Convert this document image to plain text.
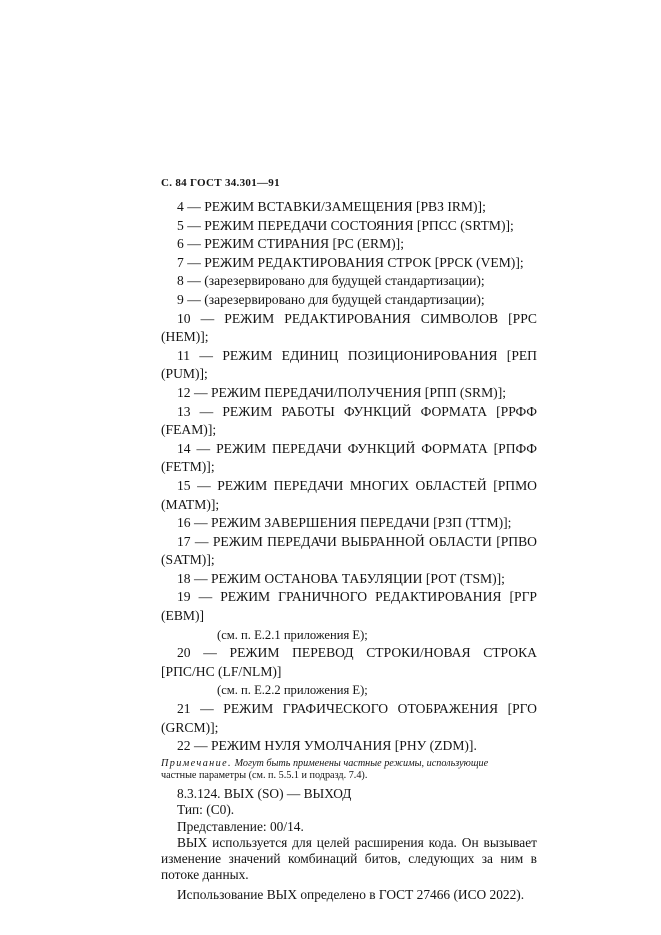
С. 84 ГОСТ 34.301—91
4 — РЕЖИМ ВСТАВКИ/ЗАМЕЩЕНИЯ [РВЗ IRM)];
5 — РЕЖИМ ПЕРЕДАЧИ СОСТОЯНИЯ [РПСС (SRTM)];
6 — РЕЖИМ СТИРАНИЯ [РС (ERM)];
7 — РЕЖИМ РЕДАКТИРОВАНИЯ СТРОК [РРСК (VEM)];
8 — (зарезервировано для будущей стандартизации);
9 — (зарезервировано для будущей стандартизации);
10 — РЕЖИМ РЕДАКТИРОВАНИЯ СИМВОЛОВ [РРС
(HEM)];
11 — РЕЖИМ ЕДИНИЦ ПОЗИЦИОНИРОВАНИЯ [РЕП
(PUM)];
12 — РЕЖИМ ПЕРЕДАЧИ/ПОЛУЧЕНИЯ [РПП (SRM)];
13 — РЕЖИМ РАБОТЫ ФУНКЦИЙ ФОРМАТА [РРФФ
(FEAM)];
14 — РЕЖИМ ПЕРЕДАЧИ ФУНКЦИЙ ФОРМАТА [РПФФ
(FETM)];
15 — РЕЖИМ ПЕРЕДАЧИ МНОГИХ ОБЛАСТЕЙ [РПМО
(MATM)];
16 — РЕЖИМ ЗАВЕРШЕНИЯ ПЕРЕДАЧИ [РЗП (TTM)];
17 — РЕЖИМ ПЕРЕДАЧИ ВЫБРАННОЙ ОБЛАСТИ [РПВО
(SATM)];
18 — РЕЖИМ ОСТАНОВА ТАБУЛЯЦИИ [РОТ (TSM)];
19 — РЕЖИМ ГРАНИЧНОГО РЕДАКТИРОВАНИЯ [РГР
(EBM)]
(см. п. Е.2.1 приложения Е);
20 — РЕЖИМ ПЕРЕВОД СТРОКИ/НОВАЯ СТРОКА
[РПС/НС (LF/NLM)]
(см. п. Е.2.2 приложения Е);
21 — РЕЖИМ ГРАФИЧЕСКОГО ОТОБРАЖЕНИЯ [РГО
(GRCM)];
22 — РЕЖИМ НУЛЯ УМОЛЧАНИЯ [РНУ (ZDM)].
Примечание. Могут быть применены частные режимы, использующие
частные параметры (см. п. 5.5.1 и подразд. 7.4).
8.3.124. ВЫХ (SO) — ВЫХОД
Тип: (С0).
Представление: 00/14.
ВЫХ используется для целей расширения кода. Он вызывает изменение значений комбинаций битов, следующих за ним в потоке данных.
Использование ВЫХ определено в ГОСТ 27466 (ИСО 2022).
